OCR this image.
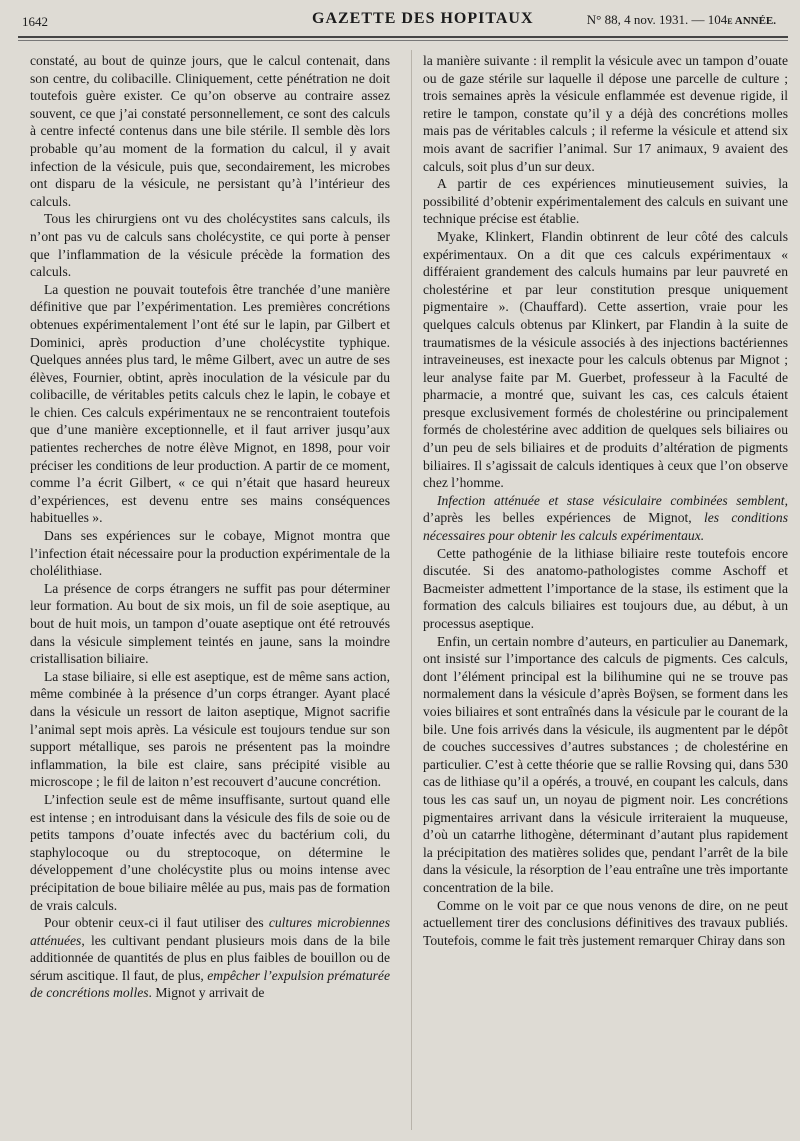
1642	GAZETTE DES HOPITAUX	N° 88, 4 nov. 1931. — 104e ANNÉE.

constaté, au bout de quinze jours, que le calcul contenait, dans son centre, du colibacille. Cliniquement, cette pénétration ne doit toutefois guère exister. Ce qu’on observe au contraire assez souvent, ce que j’ai constaté personnellement, ce sont des calculs à centre infecté contenus dans une bile stérile. Il semble dès lors probable qu’au moment de la formation du calcul, il y avait infection de la vésicule, puis que, secondairement, les microbes ont disparu de la vésicule, ne persistant qu’à l’intérieur des calculs.

Tous les chirurgiens ont vu des cholécystites sans calculs, ils n’ont pas vu de calculs sans cholécystite, ce qui porte à penser que l’inflammation de la vésicule précède la formation des calculs.

La question ne pouvait toutefois être tranchée d’une manière définitive que par l’expérimentation. Les premières concrétions obtenues expérimentalement l’ont été sur le lapin, par Gilbert et Dominici, après production d’une cholécystite typhique. Quelques années plus tard, le même Gilbert, avec un autre de ses élèves, Fournier, obtint, après inoculation de la vésicule par du colibacille, de véritables petits calculs chez le lapin, le cobaye et le chien. Ces calculs expérimentaux ne se rencontraient toutefois que d’une manière exceptionnelle, et il faut arriver jusqu’aux patientes recherches de notre élève Mignot, en 1898, pour voir préciser les conditions de leur production. A partir de ce moment, comme l’a écrit Gilbert, « ce qui n’était que hasard heureux d’expériences, est devenu entre ses mains conséquences habituelles ».

Dans ses expériences sur le cobaye, Mignot montra que l’infection était nécessaire pour la production expérimentale de la cholélithiase.

La présence de corps étrangers ne suffit pas pour déterminer leur formation. Au bout de six mois, un fil de soie aseptique, au bout de huit mois, un tampon d’ouate aseptique ont été retrouvés dans la vésicule simplement teintés en jaune, sans la moindre cristallisation biliaire.

La stase biliaire, si elle est aseptique, est de même sans action, même combinée à la présence d’un corps étranger. Ayant placé dans la vésicule un ressort de laiton aseptique, Mignot sacrifie l’animal sept mois après. La vésicule est toujours tendue sur son support métallique, ses parois ne présentent pas la moindre inflammation, la bile est claire, sans précipité visible au microscope ; le fil de laiton n’est recouvert d’aucune concrétion.

L’infection seule est de même insuffisante, surtout quand elle est intense ; en introduisant dans la vésicule des fils de soie ou de petits tampons d’ouate infectés avec du bactérium coli, du staphylocoque ou du streptocoque, on détermine le développement d’une cholécystite plus ou moins intense avec précipitation de boue biliaire mêlée au pus, mais pas de formation de vrais calculs.

Pour obtenir ceux-ci il faut utiliser des cultures microbiennes atténuées, les cultivant pendant plusieurs mois dans de la bile additionnée de quantités de plus en plus faibles de bouillon ou de sérum ascitique. Il faut, de plus, empêcher l’expulsion prématurée de concrétions molles. Mignot y arrivait de

la manière suivante : il remplit la vésicule avec un tampon d’ouate ou de gaze stérile sur laquelle il dépose une parcelle de culture ; trois semaines après la vésicule enflammée est devenue rigide, il retire le tampon, constate qu’il y a déjà des concrétions molles mais pas de véritables calculs ; il referme la vésicule et attend six mois avant de sacrifier l’animal. Sur 17 animaux, 9 avaient des calculs, soit plus d’un sur deux.

A partir de ces expériences minutieusement suivies, la possibilité d’obtenir expérimentalement des calculs en suivant une technique précise est établie.

Myake, Klinkert, Flandin obtinrent de leur côté des calculs expérimentaux. On a dit que ces calculs expérimentaux « différaient grandement des calculs humains par leur pauvreté en cholestérine et par leur constitution presque uniquement pigmentaire ». (Chauffard). Cette assertion, vraie pour les quelques calculs obtenus par Klinkert, par Flandin à la suite de traumatismes de la vésicule associés à des injections bactériennes intraveineuses, est inexacte pour les calculs obtenus par Mignot ; leur analyse faite par M. Guerbet, professeur à la Faculté de pharmacie, a montré que, suivant les cas, ces calculs étaient presque exclusivement formés de cholestérine ou principalement formés de cholestérine avec addition de quelques sels biliaires ou d’un peu de sels biliaires et de produits d’altération de pigments biliaires. Il s’agissait de calculs identiques à ceux que l’on observe chez l’homme.

Infection atténuée et stase vésiculaire combinées semblent, d’après les belles expériences de Mignot, les conditions nécessaires pour obtenir les calculs expérimentaux.

Cette pathogénie de la lithiase biliaire reste toutefois encore discutée. Si des anatomo-pathologistes comme Aschoff et Bacmeister admettent l’importance de la stase, ils estiment que la formation des calculs biliaires est toujours due, au début, à un processus aseptique.

Enfin, un certain nombre d’auteurs, en particulier au Danemark, ont insisté sur l’importance des calculs de pigments. Ces calculs, dont l’élément principal est la bilihumine qui ne se trouve pas normalement dans la vésicule d’après Boÿsen, se forment dans les voies biliaires et sont entraînés dans la vésicule par le courant de la bile. Une fois arrivés dans la vésicule, ils augmentent par le dépôt de couches successives d’autres substances ; de cholestérine en particulier. C’est à cette théorie que se rallie Rovsing qui, dans 530 cas de lithiase qu’il a opérés, a trouvé, en coupant les calculs, dans tous les cas sauf un, un noyau de pigment noir. Les concrétions pigmentaires arrivant dans la vésicule irriteraient la muqueuse, d’où un catarrhe lithogène, déterminant d’autant plus rapidement la précipitation des matières solides que, pendant l’arrêt de la bile dans la vésicule, la résorption de l’eau entraîne une très importante concentration de la bile.

Comme on le voit par ce que nous venons de dire, on ne peut actuellement tirer des conclusions définitives des travaux publiés. Toutefois, comme le fait très justement remarquer Chiray dans son
